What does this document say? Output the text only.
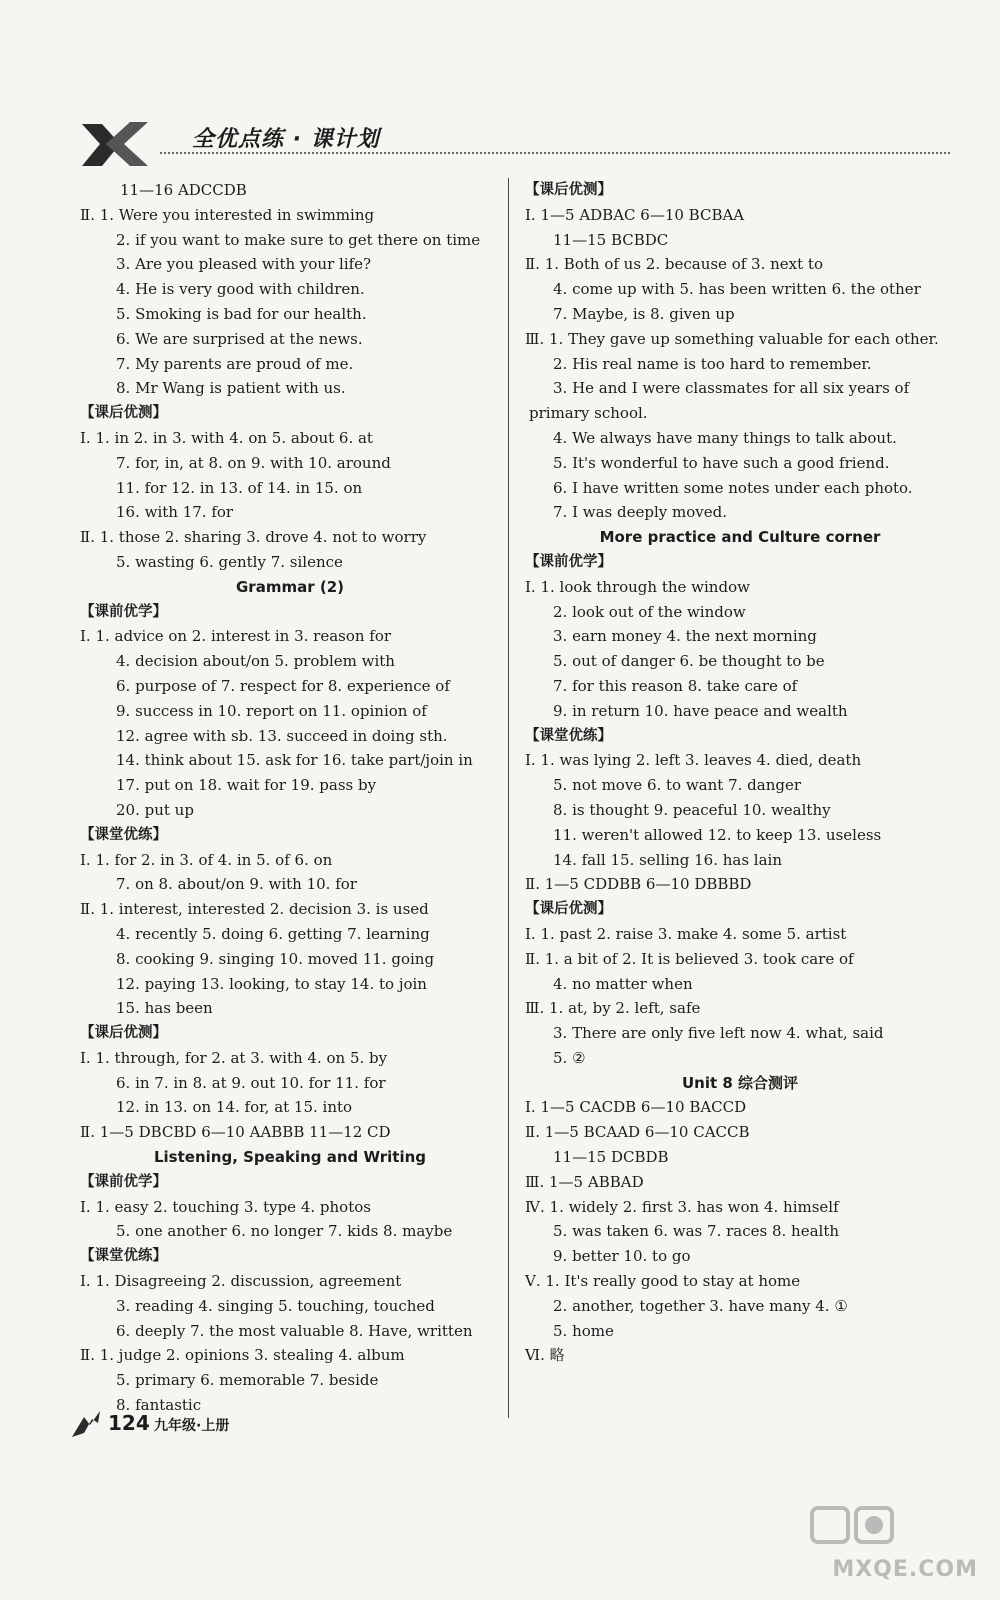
全优点练 · 课计划
11—16 ADCCDB
Ⅱ. 1. Were you interested in swimming
2. if you want to make sure to get there on time
3. Are you pleased with your life?
4. He is very good with children.
5. Smoking is bad for our health.
6. We are surprised at the news.
7. My parents are proud of me.
8. Mr Wang is patient with us.
【课后优测】
Ⅰ. 1. in 2. in 3. with 4. on 5. about 6. at
7. for, in, at 8. on 9. with 10. around
11. for 12. in 13. of 14. in 15. on
16. with 17. for
Ⅱ. 1. those 2. sharing 3. drove 4. not to worry
5. wasting 6. gently 7. silence
Grammar (2)
【课前优学】
Ⅰ. 1. advice on 2. interest in 3. reason for
4. decision about/on 5. problem with
6. purpose of 7. respect for 8. experience of
9. success in 10. report on 11. opinion of
12. agree with sb. 13. succeed in doing sth.
14. think about 15. ask for 16. take part/join in
17. put on 18. wait for 19. pass by
20. put up
【课堂优练】
Ⅰ. 1. for 2. in 3. of 4. in 5. of 6. on
7. on 8. about/on 9. with 10. for
Ⅱ. 1. interest, interested 2. decision 3. is used
4. recently 5. doing 6. getting 7. learning
8. cooking 9. singing 10. moved 11. going
12. paying 13. looking, to stay 14. to join
15. has been
【课后优测】
Ⅰ. 1. through, for 2. at 3. with 4. on 5. by
6. in 7. in 8. at 9. out 10. for 11. for
12. in 13. on 14. for, at 15. into
Ⅱ. 1—5 DBCBD 6—10 AABBB 11—12 CD
Listening, Speaking and Writing
【课前优学】
Ⅰ. 1. easy 2. touching 3. type 4. photos
5. one another 6. no longer 7. kids 8. maybe
【课堂优练】
Ⅰ. 1. Disagreeing 2. discussion, agreement
3. reading 4. singing 5. touching, touched
6. deeply 7. the most valuable 8. Have, written
Ⅱ. 1. judge 2. opinions 3. stealing 4. album
5. primary 6. memorable 7. beside
8. fantastic
【课后优测】
Ⅰ. 1—5 ADBAC 6—10 BCBAA
11—15 BCBDC
Ⅱ. 1. Both of us 2. because of 3. next to
4. come up with 5. has been written 6. the other
7. Maybe, is 8. given up
Ⅲ. 1. They gave up something valuable for each other.
2. His real name is too hard to remember.
3. He and I were classmates for all six years of
primary school.
4. We always have many things to talk about.
5. It's wonderful to have such a good friend.
6. I have written some notes under each photo.
7. I was deeply moved.
More practice and Culture corner
【课前优学】
Ⅰ. 1. look through the window
2. look out of the window
3. earn money 4. the next morning
5. out of danger 6. be thought to be
7. for this reason 8. take care of
9. in return 10. have peace and wealth
【课堂优练】
Ⅰ. 1. was lying 2. left 3. leaves 4. died, death
5. not move 6. to want 7. danger
8. is thought 9. peaceful 10. wealthy
11. weren't allowed 12. to keep 13. useless
14. fall 15. selling 16. has lain
Ⅱ. 1—5 CDDBB 6—10 DBBBD
【课后优测】
Ⅰ. 1. past 2. raise 3. make 4. some 5. artist
Ⅱ. 1. a bit of 2. It is believed 3. took care of
4. no matter when
Ⅲ. 1. at, by 2. left, safe
3. There are only five left now 4. what, said
5. ②
Unit 8 综合测评
Ⅰ. 1—5 CACDB 6—10 BACCD
Ⅱ. 1—5 BCAAD 6—10 CACCB
11—15 DCBDB
Ⅲ. 1—5 ABBAD
Ⅳ. 1. widely 2. first 3. has won 4. himself
5. was taken 6. was 7. races 8. health
9. better 10. to go
Ⅴ. 1. It's really good to stay at home
2. another, together 3. have many 4. ①
5. home
Ⅵ. 略
124 九年级·上册
MXQE.COM
